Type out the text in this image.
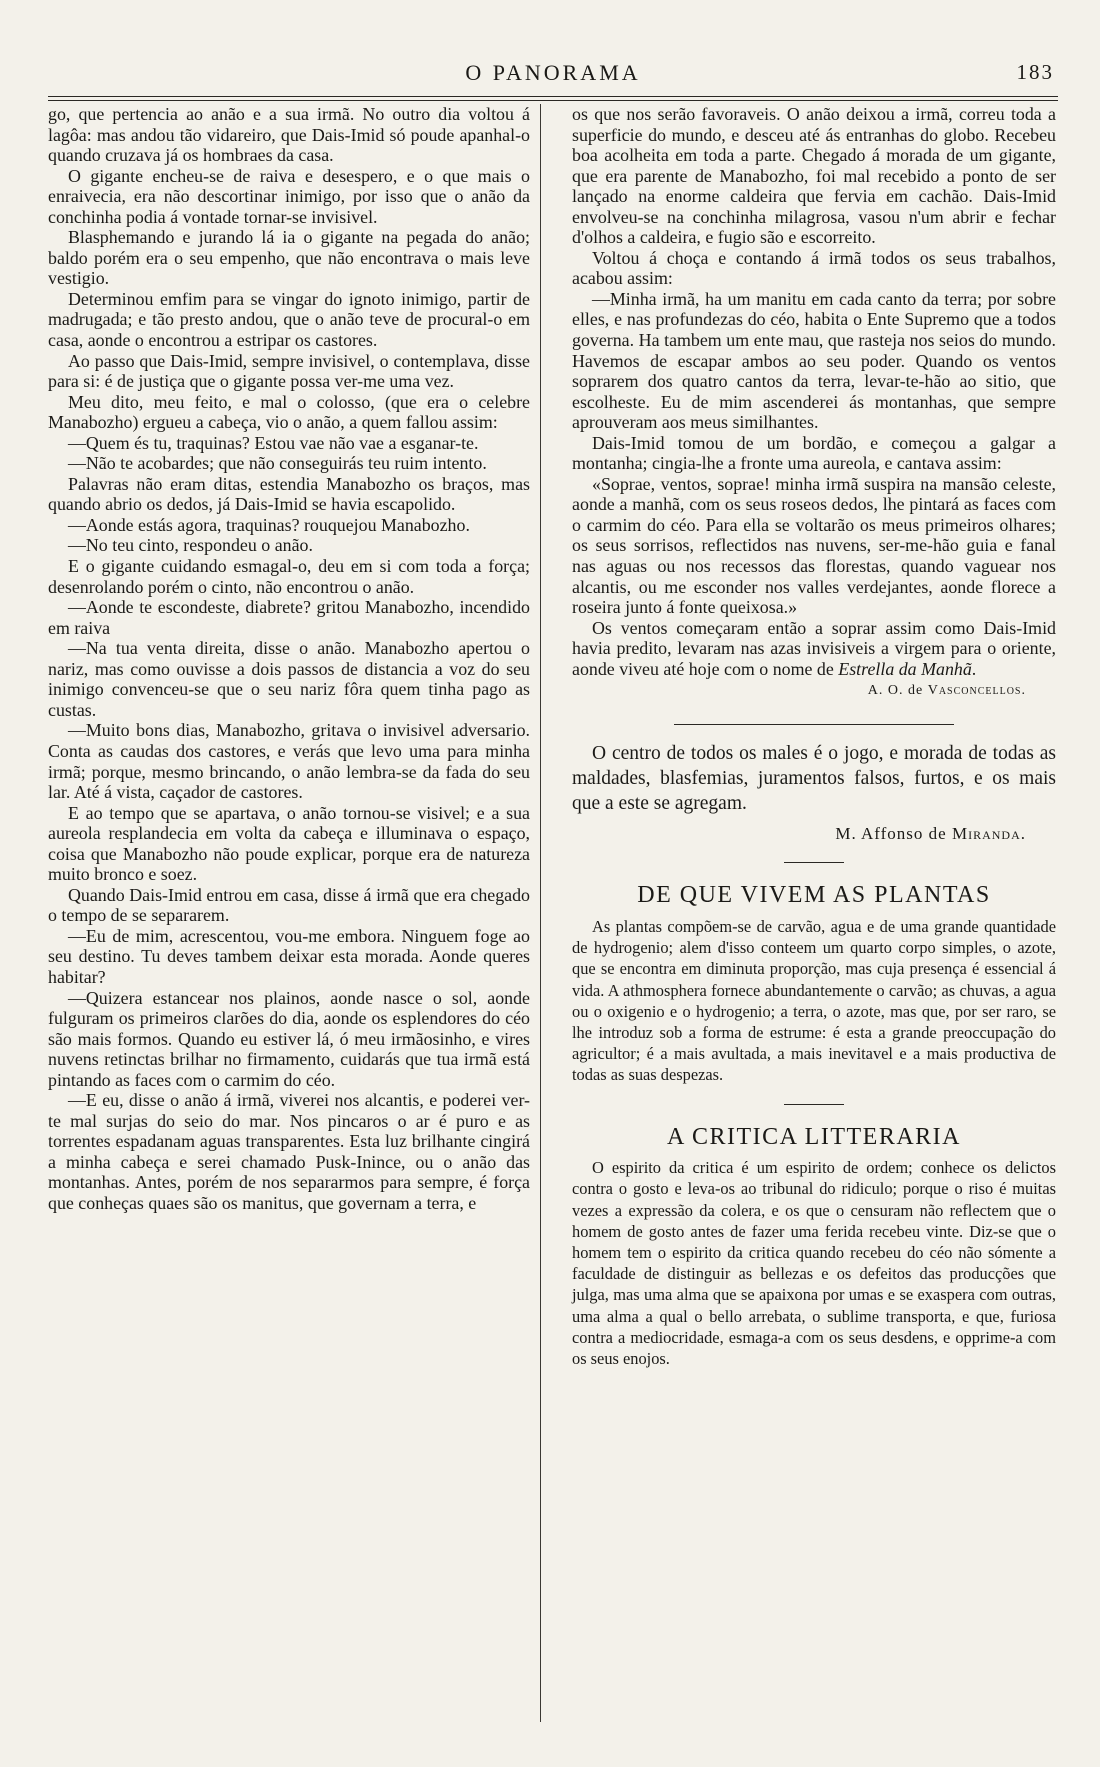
O PANORAMA	183

go, que pertencia ao anão e a sua irmã. No outro dia voltou á lagôa: mas andou tão vidareiro, que Dais-Imid só poude apanhal-o quando cruzava já os hombraes da casa.

O gigante encheu-se de raiva e desespero, e o que mais o enraivecia, era não descortinar inimigo, por isso que o anão da conchinha podia á vontade tornar-se invisivel.

Blasphemando e jurando lá ia o gigante na pegada do anão; baldo porém era o seu empenho, que não encontrava o mais leve vestigio.

Determinou emfim para se vingar do ignoto inimigo, partir de madrugada; e tão presto andou, que o anão teve de procural-o em casa, aonde o encontrou a estripar os castores.

Ao passo que Dais-Imid, sempre invisivel, o contemplava, disse para si: é de justiça que o gigante possa ver-me uma vez.

Meu dito, meu feito, e mal o colosso, (que era o celebre Manabozho) ergueu a cabeça, vio o anão, a quem fallou assim:

—Quem és tu, traquinas? Estou vae não vae a esganar-te.

—Não te acobardes; que não conseguirás teu ruim intento.

Palavras não eram ditas, estendia Manabozho os braços, mas quando abrio os dedos, já Dais-Imid se havia escapolido.

—Aonde estás agora, traquinas? rouquejou Manabozho.

—No teu cinto, respondeu o anão.

E o gigante cuidando esmagal-o, deu em si com toda a força; desenrolando porém o cinto, não encontrou o anão.

—Aonde te escondeste, diabrete? gritou Manabozho, incendido em raiva

—Na tua venta direita, disse o anão. Manabozho apertou o nariz, mas como ouvisse a dois passos de distancia a voz do seu inimigo convenceu-se que o seu nariz fôra quem tinha pago as custas.

—Muito bons dias, Manabozho, gritava o invisivel adversario. Conta as caudas dos castores, e verás que levo uma para minha irmã; porque, mesmo brincando, o anão lembra-se da fada do seu lar. Até á vista, caçador de castores.

E ao tempo que se apartava, o anão tornou-se visivel; e a sua aureola resplandecia em volta da cabeça e illuminava o espaço, coisa que Manabozho não poude explicar, porque era de natureza muito bronco e soez.

Quando Dais-Imid entrou em casa, disse á irmã que era chegado o tempo de se separarem.

—Eu de mim, acrescentou, vou-me embora. Ninguem foge ao seu destino. Tu deves tambem deixar esta morada. Aonde queres habitar?

—Quizera estancear nos plainos, aonde nasce o sol, aonde fulguram os primeiros clarões do dia, aonde os esplendores do céo são mais formos. Quando eu estiver lá, ó meu irmãosinho, e vires nuvens retinctas brilhar no firmamento, cuidarás que tua irmã está pintando as faces com o carmim do céo.

—E eu, disse o anão á irmã, viverei nos alcantis, e poderei ver-te mal surjas do seio do mar. Nos pincaros o ar é puro e as torrentes espadanam aguas transparentes. Esta luz brilhante cingirá a minha cabeça e serei chamado Pusk-Inince, ou o anão das montanhas. Antes, porém de nos separarmos para sempre, é força que conheças quaes são os manitus, que governam a terra, e

os que nos serão favoraveis. O anão deixou a irmã, correu toda a superficie do mundo, e desceu até ás entranhas do globo. Recebeu boa acolheita em toda a parte. Chegado á morada de um gigante, que era parente de Manabozho, foi mal recebido a ponto de ser lançado na enorme caldeira que fervia em cachão. Dais-Imid envolveu-se na conchinha milagrosa, vasou n'um abrir e fechar d'olhos a caldeira, e fugio são e escorreito.

Voltou á choça e contando á irmã todos os seus trabalhos, acabou assim:

—Minha irmã, ha um manitu em cada canto da terra; por sobre elles, e nas profundezas do céo, habita o Ente Supremo que a todos governa. Ha tambem um ente mau, que rasteja nos seios do mundo. Havemos de escapar ambos ao seu poder. Quando os ventos soprarem dos quatro cantos da terra, levar-te-hão ao sitio, que escolheste. Eu de mim ascenderei ás montanhas, que sempre aprouveram aos meus similhantes.

Dais-Imid tomou de um bordão, e começou a galgar a montanha; cingia-lhe a fronte uma aureola, e cantava assim:

«Soprae, ventos, soprae! minha irmã suspira na mansão celeste, aonde a manhã, com os seus roseos dedos, lhe pintará as faces com o carmim do céo. Para ella se voltarão os meus primeiros olhares; os seus sorrisos, reflectidos nas nuvens, ser-me-hão guia e fanal nas aguas ou nos recessos das florestas, quando vaguear nos alcantis, ou me esconder nos valles verdejantes, aonde florece a roseira junto á fonte queixosa.»

Os ventos começaram então a soprar assim como Dais-Imid havia predito, levaram nas azas invisiveis a virgem para o oriente, aonde viveu até hoje com o nome de Estrella da Manhã.

A. O. de Vasconcellos.

O centro de todos os males é o jogo, e morada de todas as maldades, blasfemias, juramentos falsos, furtos, e os mais que a este se agregam.

M. Affonso de Miranda.
DE QUE VIVEM AS PLANTAS

As plantas compõem-se de carvão, agua e de uma grande quantidade de hydrogenio; alem d'isso conteem um quarto corpo simples, o azote, que se encontra em diminuta proporção, mas cuja presença é essencial á vida. A athmosphera fornece abundantemente o carvão; as chuvas, a agua ou o oxigenio e o hydrogenio; a terra, o azote, mas que, por ser raro, se lhe introduz sob a forma de estrume: é esta a grande preoccupação do agricultor; é a mais avultada, a mais inevitavel e a mais productiva de todas as suas despezas.

A CRITICA LITTERARIA

O espirito da critica é um espirito de ordem; conhece os delictos contra o gosto e leva-os ao tribunal do ridiculo; porque o riso é muitas vezes a expressão da colera, e os que o censuram não reflectem que o homem de gosto antes de fazer uma ferida recebeu vinte. Diz-se que o homem tem o espirito da critica quando recebeu do céo não sómente a faculdade de distinguir as bellezas e os defeitos das producções que julga, mas uma alma que se apaixona por umas e se exaspera com outras, uma alma a qual o bello arrebata, o sublime transporta, e que, furiosa contra a mediocridade, esmaga-a com os seus desdens, e opprime-a com os seus enojos.
